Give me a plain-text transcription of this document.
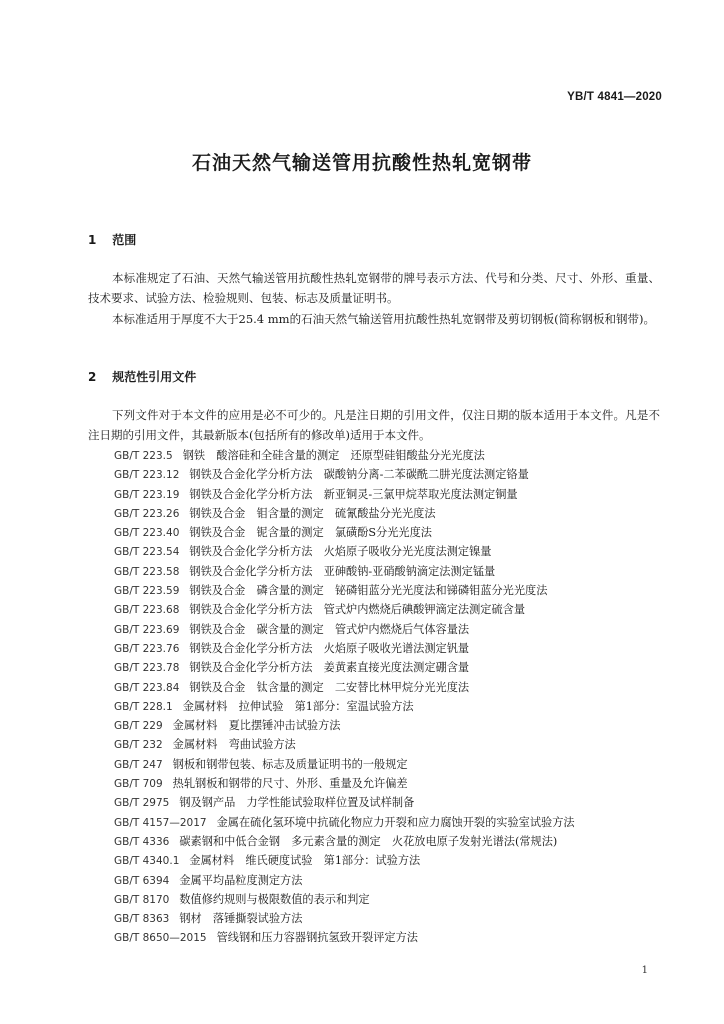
YB/T 4841—2020
石油天然气输送管用抗酸性热轧宽钢带
1 范围

本标准规定了石油、天然气输送管用抗酸性热轧宽钢带的牌号表示方法、代号和分类、尺寸、外形、重量、技术要求、试验方法、检验规则、包装、标志及质量证明书。

本标准适用于厚度不大于25.4 mm的石油天然气输送管用抗酸性热轧宽钢带及剪切钢板(简称钢板和钢带)。

2 规范性引用文件

下列文件对于本文件的应用是必不可少的。凡是注日期的引用文件，仅注日期的版本适用于本文件。凡是不注日期的引用文件，其最新版本(包括所有的修改单)适用于本文件。

GB/T 223.5 钢铁　酸溶硅和全硅含量的测定　还原型硅钼酸盐分光光度法
GB/T 223.12 钢铁及合金化学分析方法　碳酸钠分离-二苯碳酰二肼光度法测定铬量
GB/T 223.19 钢铁及合金化学分析方法　新亚铜灵-三氯甲烷萃取光度法测定铜量
GB/T 223.26 钢铁及合金　钼含量的测定　硫氰酸盐分光光度法
GB/T 223.40 钢铁及合金　铌含量的测定　氯磺酚S分光光度法
GB/T 223.54 钢铁及合金化学分析方法　火焰原子吸收分光光度法测定镍量
GB/T 223.58 钢铁及合金化学分析方法　亚砷酸钠-亚硝酸钠滴定法测定锰量
GB/T 223.59 钢铁及合金　磷含量的测定　铋磷钼蓝分光光度法和锑磷钼蓝分光光度法
GB/T 223.68 钢铁及合金化学分析方法　管式炉内燃烧后碘酸钾滴定法测定硫含量
GB/T 223.69 钢铁及合金　碳含量的测定　管式炉内燃烧后气体容量法
GB/T 223.76 钢铁及合金化学分析方法　火焰原子吸收光谱法测定钒量
GB/T 223.78 钢铁及合金化学分析方法　姜黄素直接光度法测定硼含量
GB/T 223.84 钢铁及合金　钛含量的测定　二安替比林甲烷分光光度法
GB/T 228.1 金属材料　拉伸试验　第1部分：室温试验方法
GB/T 229 金属材料　夏比摆锤冲击试验方法
GB/T 232 金属材料　弯曲试验方法
GB/T 247 钢板和钢带包装、标志及质量证明书的一般规定
GB/T 709 热轧钢板和钢带的尺寸、外形、重量及允许偏差
GB/T 2975 钢及钢产品　力学性能试验取样位置及试样制备
GB/T 4157—2017 金属在硫化氢环境中抗硫化物应力开裂和应力腐蚀开裂的实验室试验方法
GB/T 4336 碳素钢和中低合金钢　多元素含量的测定　火花放电原子发射光谱法(常规法)
GB/T 4340.1 金属材料　维氏硬度试验　第1部分：试验方法
GB/T 6394 金属平均晶粒度测定方法
GB/T 8170 数值修约规则与极限数值的表示和判定
GB/T 8363 钢材　落锤撕裂试验方法
GB/T 8650—2015 管线钢和压力容器钢抗氢致开裂评定方法
1
